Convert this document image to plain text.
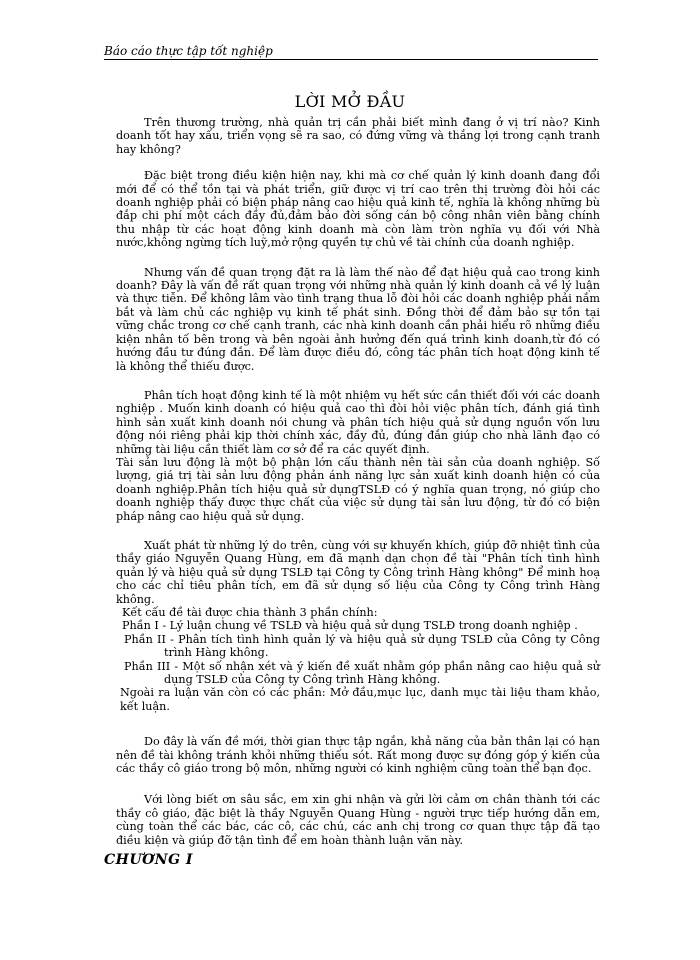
Báo cáo thực tập tốt nghiệp
LỜI MỞ ĐẦU

Trên thương trường, nhà quản trị cần phải biết mình đang ở vị trí nào? Kinh doanh tốt hay xấu, triển vọng sẽ ra sao, có đứng vững và thắng lợi trong cạnh tranh hay không?

Đặc biệt trong điều kiện hiện nay, khi mà cơ chế quản lý kinh doanh đang đổi mới để có thể tồn tại và phát triển, giữ được vị trí cao trên thị trường đòi hỏi các doanh nghiệp phải có biện pháp nâng cao hiệu quả kinh tế, nghĩa là không những bù đắp chi phí một cách đầy đủ,đảm bảo đời sống cán bộ công nhân viên bằng chính thu nhập từ các hoạt động kinh doanh mà còn làm tròn nghĩa vụ đối với Nhà nước,không ngừng tích luỹ,mở rộng quyền tự chủ về tài chính của doanh nghiệp.

Nhưng vấn đề quan trọng đặt ra là làm thế nào để đạt hiệu quả cao trong kinh doanh? Đây là vấn đề rất quan trọng với những nhà quản lý kinh doanh cả về lý luận và thực tiễn. Để không lâm vào tình trạng thua lỗ đòi hỏi các doanh nghiệp phải nắm bắt và làm chủ các nghiệp vụ kinh tế phát sinh. Đồng thời để đảm bảo sự tồn tại vững chắc trong cơ chế cạnh tranh, các nhà kinh doanh cần phải hiểu rõ những điều kiện nhân tố bên trong và bên ngoài ảnh hưởng đến quá trình kinh doanh,từ đó có hướng đầu tư đúng đắn. Để làm được điều đó, công tác phân tích hoạt động kinh tế là không thể thiếu được.

Phân tích hoạt động kinh tế là một nhiệm vụ hết sức cần thiết đối với các doanh nghiệp . Muốn kinh doanh có hiệu quả cao thì đòi hỏi việc phân tích, đánh giá tình hình sản xuất kinh doanh nói chung và phân tích hiệu quả sử dụng nguồn vốn lưu động nói riêng phải kịp thời chính xác, đầy đủ, đúng đắn giúp cho nhà lãnh đạo có những tài liệu cần thiết làm cơ sở để ra các quyết định.

Tài sản lưu động là một bộ phận lớn cấu thành nên tài sản của doanh nghiệp. Số lượng, giá trị tài sản lưu động phản ánh năng lực sản xuất kinh doanh hiện có của doanh nghiệp.Phân tích hiệu quả sử dụngTSLĐ có ý nghĩa quan trọng, nó giúp cho doanh nghiệp thấy được thực chất của việc sử dụng tài sản lưu động, từ đó có biện pháp nâng cao hiệu quả sử dụng.

Xuất phát từ những lý do trên, cùng với sự khuyến khích, giúp đỡ nhiệt tình của thầy giáo Nguyễn Quang Hùng, em đã mạnh dạn chọn đề tài "Phân tích tình hình quản lý và hiệu quả sử dụng TSLĐ tại Công ty Công trình Hàng không" Để minh hoạ cho các chỉ tiêu phân tích, em đã sử dụng số liệu của Công ty Công trình Hàng không.

Kết cấu đề tài được chia thành 3 phần chính:

Phần I - Lý luận chung về TSLĐ và hiệu quả sử dụng TSLĐ trong doanh nghiệp .

Phần II - Phân tích tình hình quản lý và hiệu quả sử dụng TSLĐ của Công ty Công trình Hàng không.

Phần III - Một số nhận xét và ý kiến đề xuất nhằm góp phần nâng cao hiệu quả sử dụng TSLĐ của Công ty Công trình Hàng không.

Ngoài ra luận văn còn có các phần: Mở đầu,mục lục, danh mục tài liệu tham khảo, kết luận.

Do đây là vấn đề mới, thời gian thực tập ngắn, khả năng của bản thân lại có hạn nên đề tài không tránh khỏi những thiếu sót. Rất mong được sự đóng góp ý kiến của các thầy cô giáo trong bộ môn, những người có kinh nghiệm cũng toàn thể bạn đọc.

Với lòng biết ơn sâu sắc, em xin ghi nhận và gửi lời cảm ơn chân thành tới các thầy cô giáo, đặc biệt là thầy Nguyễn Quang Hùng - người trực tiếp hướng dẫn em, cùng toàn thể các bác, các cô, các chú, các anh chị trong cơ quan thực tập đã tạo điều kiện và giúp đỡ tận tình để em hoàn thành luận văn này.

CHƯƠNG I
